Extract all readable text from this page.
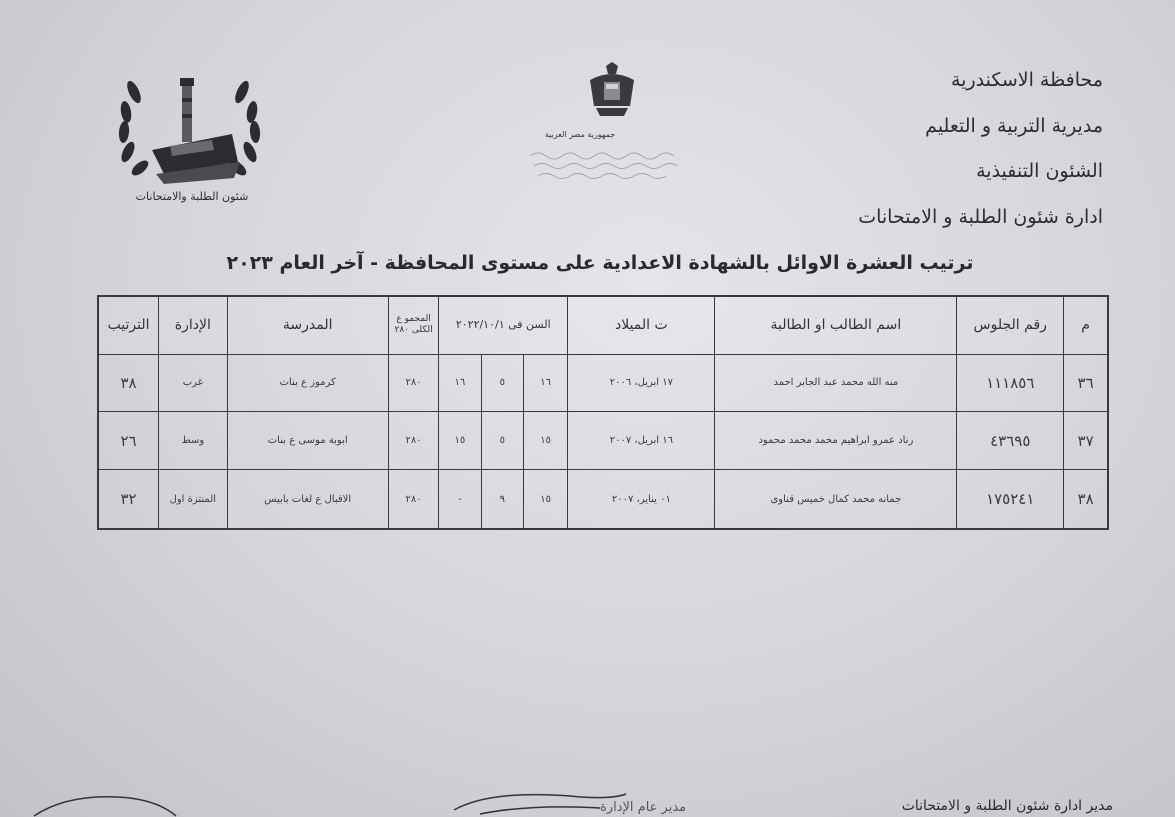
محافظة الاسكندرية
مديرية التربية و التعليم
الشئون التنفيذية
ادارة شئون الطلبة و الامتحانات
شئون الطلبة والامتحانات
جمهورية مصر العربية
ترتيب العشرة الاوائل بالشهادة الاعدادية على مستوى المحافظة - آخر العام ٢٠٢٣
م	رقم الجلوس	اسم الطالب او الطالبة	ت الميلاد	السن فى ٢٠٢٢/١٠/١			المجمو ع الكلى ٢٨٠	المدرسة	الإدارة	الترتيب
٣٦	١١١٨٥٦	منه الله محمد عبد الجابر احمد	١٧ ابريل، ٢٠٠٦	١٦	٥	١٦	٢٨٠	كرموز ع بنات	غرب	٣٨
٣٧	٤٣٦٩٥	رناد عمرو ابراهيم محمد محمد محمود	١٦ ابريل، ٢٠٠٧	١٥	٥	١٥	٢٨٠	ابوبة موسى ع بنات	وسط	٢٦
٣٨	١٧٥٢٤١	جمانه محمد كمال خميس قناوى	٠١ يناير، ٢٠٠٧	١٥	٩	-	٢٨٠	الاقبال ع لغات بابيس	المنتزة اول	٣٢
مدير عام الإدارة	مدير ادارة شئون الطلبة و الامتحانات
